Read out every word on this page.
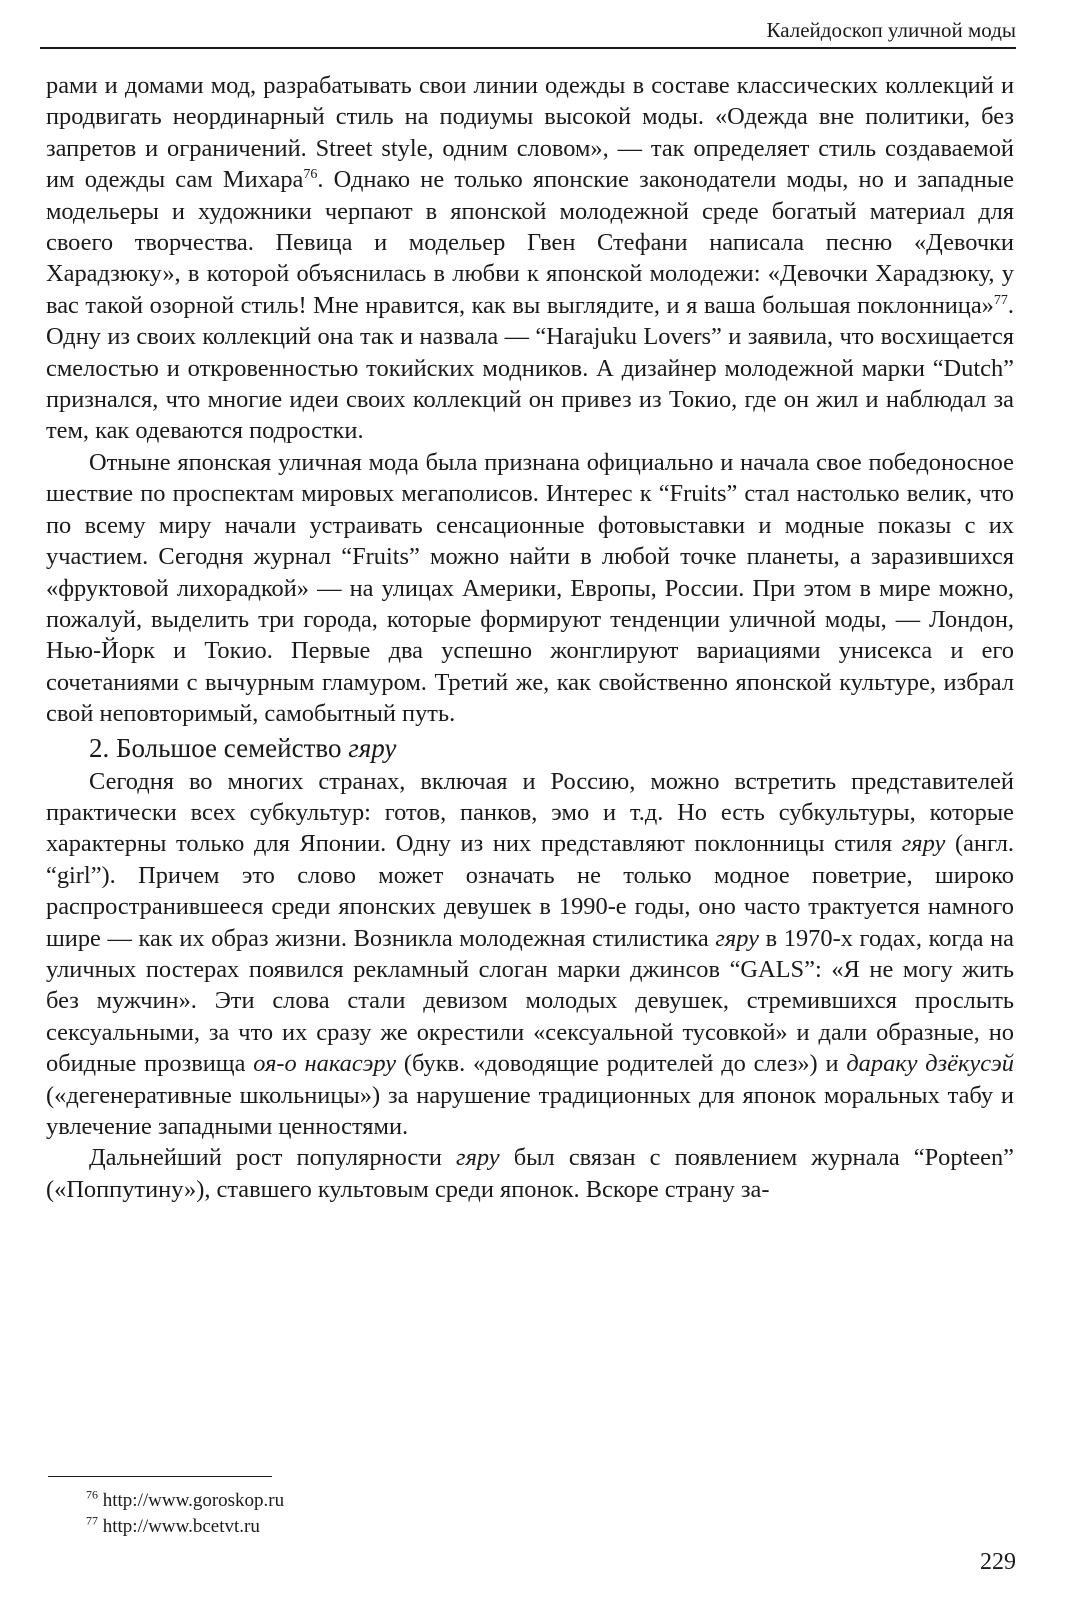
Калейдоскоп уличной моды

рами и домами мод, разрабатывать свои линии одежды в составе классических коллекций и продвигать неординарный стиль на подиумы высокой моды. «Одежда вне политики, без запретов и ограничений. Street style, одним словом», — так определяет стиль создаваемой им одежды сам Михара$^{76}$. Однако не только японские законодатели моды, но и западные модельеры и художники черпают в японской молодежной среде богатый материал для своего творчества. Певица и модельер Гвен Стефани написала песню «Девочки Харадзюку», в которой объяснилась в любви к японской молодежи: «Девочки Харадзюку, у вас такой озорной стиль! Мне нравится, как вы выглядите, и я ваша большая поклонница»$^{77}$. Одну из своих коллекций она так и назвала — “Harajuku Lovers” и заявила, что восхищается смелостью и откровенностью токийских модников. А дизайнер молодежной марки “Dutch” признался, что многие идеи своих коллекций он привез из Токио, где он жил и наблюдал за тем, как одеваются подростки.

Отныне японская уличная мода была признана официально и начала свое победоносное шествие по проспектам мировых мегаполисов. Интерес к “Fruits” стал настолько велик, что по всему миру начали устраивать сенсационные фотовыставки и модные показы с их участием. Сегодня журнал “Fruits” можно найти в любой точке планеты, а заразившихся «фруктовой лихорадкой» — на улицах Америки, Европы, России. При этом в мире можно, пожалуй, выделить три города, которые формируют тенденции уличной моды, — Лондон, Нью-Йорк и Токио. Первые два успешно жонглируют вариациями унисекса и его сочетаниями с вычурным гламуром. Третий же, как свойственно японской культуре, избрал свой неповторимый, самобытный путь.

2. Большое семейство гяру

Сегодня во многих странах, включая и Россию, можно встретить представителей практически всех субкультур: готов, панков, эмо и т.д. Но есть субкультуры, которые характерны только для Японии. Одну из них представляют поклонницы стиля гяру (англ. “girl”). Причем это слово может означать не только модное поветрие, широко распространившееся среди японских девушек в 1990-е годы, оно часто трактуется намного шире — как их образ жизни. Возникла молодежная стилистика гяру в 1970-х годах, когда на уличных постерах появился рекламный слоган марки джинсов “GALS”: «Я не могу жить без мужчин». Эти слова стали девизом молодых девушек, стремившихся прослыть сексуальными, за что их сразу же окрестили «сексуальной тусовкой» и дали образные, но обидные прозвища оя-о накасэру (букв. «доводящие родителей до слез») и дараку дзёкусэй («дегенеративные школьницы») за нарушение традиционных для японок моральных табу и увлечение западными ценностями.

Дальнейший рост популярности гяру был связан с появлением журнала “Popteen” («Поппутину»), ставшего культовым среди японок. Вскоре страну за-

$^{76}$ http://www.goroskop.ru
$^{77}$ http://www.bcetvt.ru
229
